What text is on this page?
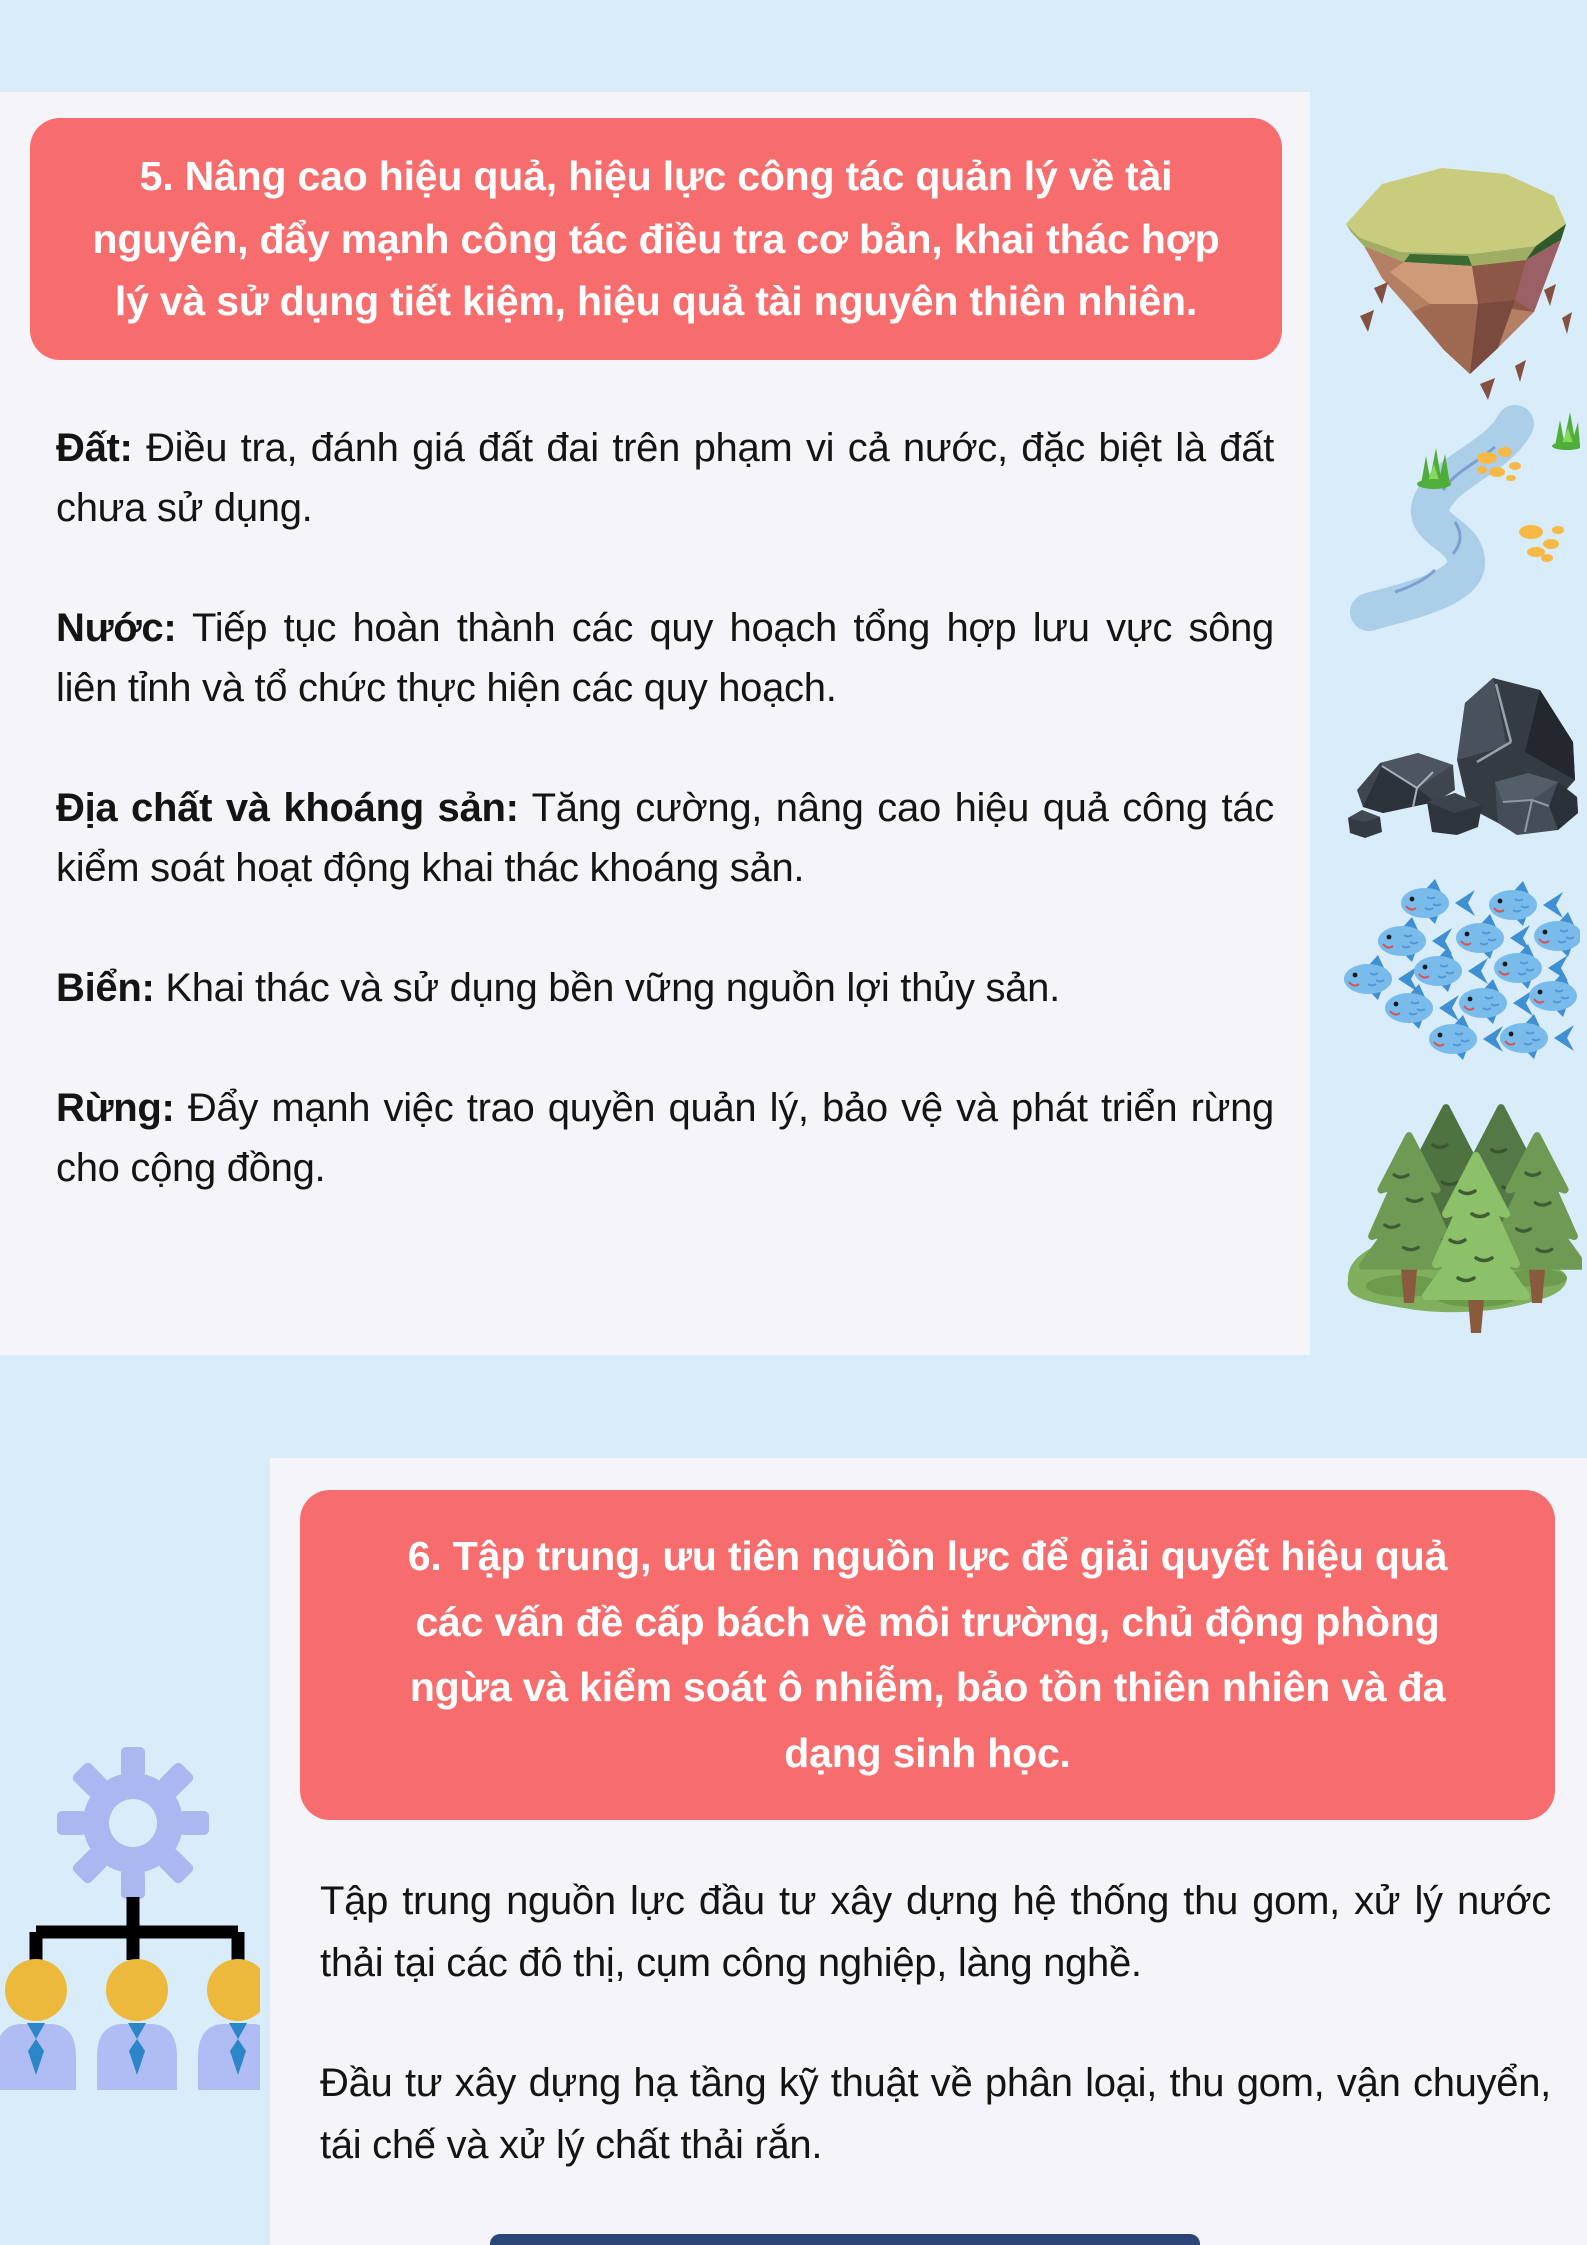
5. Nâng cao hiệu quả, hiệu lực công tác quản lý về tài nguyên, đẩy mạnh công tác điều tra cơ bản, khai thác hợp lý và sử dụng tiết kiệm, hiệu quả tài nguyên thiên nhiên.

Đất: Điều tra, đánh giá đất đai trên phạm vi cả nước, đặc biệt là đất chưa sử dụng.

Nước: Tiếp tục hoàn thành các quy hoạch tổng hợp lưu vực sông liên tỉnh và tổ chức thực hiện các quy hoạch.

Địa chất và khoáng sản: Tăng cường, nâng cao hiệu quả công tác kiểm soát hoạt động khai thác khoáng sản.

Biển: Khai thác và sử dụng bền vững nguồn lợi thủy sản.

Rừng: Đẩy mạnh việc trao quyền quản lý, bảo vệ và phát triển rừng cho cộng đồng.

6. Tập trung, ưu tiên nguồn lực để giải quyết hiệu quả các vấn đề cấp bách về môi trường, chủ động phòng ngừa và kiểm soát ô nhiễm, bảo tồn thiên nhiên và đa dạng sinh học.

Tập trung nguồn lực đầu tư xây dựng hệ thống thu gom, xử lý nước thải tại các đô thị, cụm công nghiệp, làng nghề.

Đầu tư xây dựng hạ tầng kỹ thuật về phân loại, thu gom, vận chuyển, tái chế và xử lý chất thải rắn.
